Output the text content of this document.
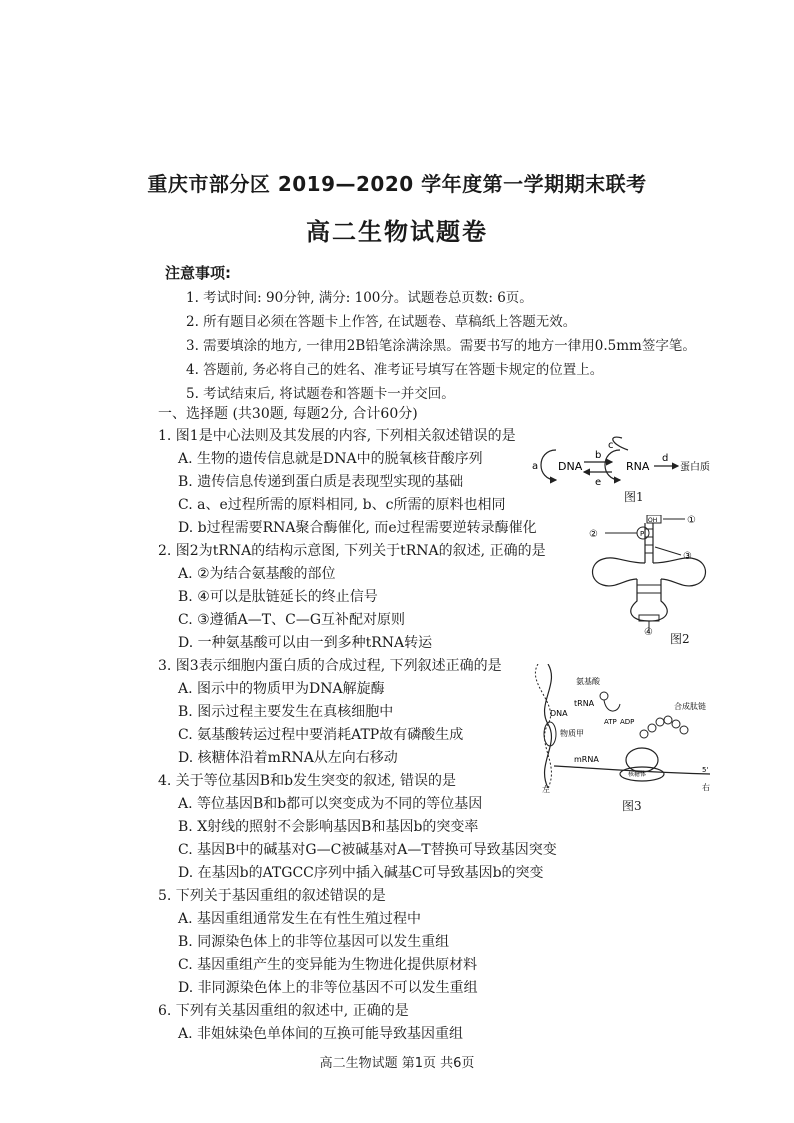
重庆市部分区 2019—2020 学年度第一学期期末联考
高二生物试题卷
注意事项:
1. 考试时间: 90分钟, 满分: 100分。试题卷总页数: 6页。
2. 所有题目必须在答题卡上作答, 在试题卷、草稿纸上答题无效。
3. 需要填涂的地方, 一律用2B铅笔涂满涂黑。需要书写的地方一律用0.5mm签字笔。
4. 答题前, 务必将自己的姓名、准考证号填写在答题卡规定的位置上。
5. 考试结束后, 将试题卷和答题卡一并交回。
一、选择题 (共30题, 每题2分, 合计60分)
1. 图1是中心法则及其发展的内容, 下列相关叙述错误的是
A. 生物的遗传信息就是DNA中的脱氧核苷酸序列
B. 遗传信息传递到蛋白质是表现型实现的基础
C. a、e过程所需的原料相同, b、c所需的原料也相同
D. b过程需要RNA聚合酶催化, 而e过程需要逆转录酶催化
2. 图2为tRNA的结构示意图, 下列关于tRNA的叙述, 正确的是
A. ②为结合氨基酸的部位
B. ④可以是肽链延长的终止信号
C. ③遵循A—T、C—G互补配对原则
D. 一种氨基酸可以由一到多种tRNA转运
3. 图3表示细胞内蛋白质的合成过程, 下列叙述正确的是
A. 图示中的物质甲为DNA解旋酶
B. 图示过程主要发生在真核细胞中
C. 氨基酸转运过程中要消耗ATP故有磷酸生成
D. 核糖体沿着mRNA从左向右移动
4. 关于等位基因B和b发生突变的叙述, 错误的是
A. 等位基因B和b都可以突变成为不同的等位基因
B. X射线的照射不会影响基因B和基因b的突变率
C. 基因B中的碱基对G—C被碱基对A—T替换可导致基因突变
D. 在基因b的ATGCC序列中插入碱基C可导致基因b的突变
5. 下列关于基因重组的叙述错误的是
A. 基因重组通常发生在有性生殖过程中
B. 同源染色体上的非等位基因可以发生重组
C. 基因重组产生的变异能为生物进化提供原材料
D. 非同源染色体上的非等位基因不可以发生重组
6. 下列有关基因重组的叙述中, 正确的是
A. 非姐妹染色单体间的互换可能导致基因重组
a DNA
b
e
c
RNA
d
蛋白质
图1
P
OH	①
②
③
④ 图2
DNA
物质甲
氨基酸
tRNA
ATP ADP
合成肽链
核糖体
mRNA
5'
左	右
图3
高二生物试题 第1页 共6页
